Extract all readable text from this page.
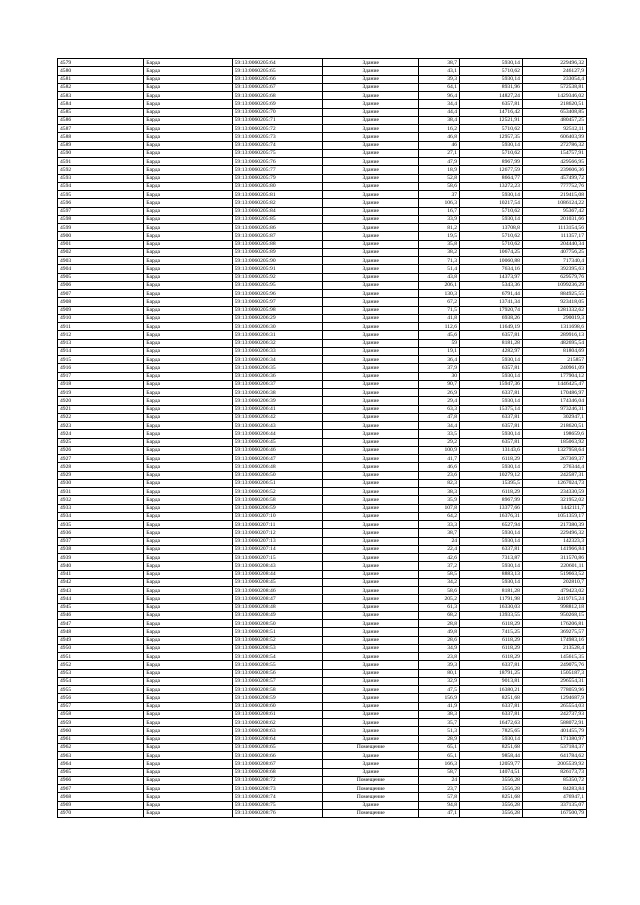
4579	Барда	59:13:0060205:64	Здание	38,7	5930,14	229496,32
4580	Барда	59:13:0060205:65	Здание	43,1	5710,62	246127,9
4581	Барда	59:13:0060205:66	Здание	39,3	5930,14	233054,4
4582	Барда	59:13:0060205:67	Здание	64,1	8931,96	572538,81
4583	Барда	59:13:0060205:68	Здание	96,4	14827,24	1429346,02
4584	Барда	59:13:0060205:69	Здание	34,4	6357,81	218620,51
4585	Барда	59:13:0060205:70	Здание	44,4	14716,42	653408,85
4586	Барда	59:13:0060205:71	Здание	38,4	12521,91	480457,25
4587	Барда	59:13:0060205:72	Здание	16,2	5710,62	92512,11
4588	Барда	59:13:0060205:73	Здание	46,8	12957,35	606403,99
4589	Барда	59:13:0060205:74	Здание	46	5930,14	272786,32
4590	Барда	59:13:0060205:75	Здание	27,1	5710,62	154757,91
4591	Барда	59:13:0060205:76	Здание	47,9	8967,99	429566,95
4592	Барда	59:13:0060205:77	Здание	18,9	12677,59	239606,36
4593	Барда	59:13:0060205:79	Здание	52,8	8664,77	457499,72
4594	Барда	59:13:0060205:80	Здание	58,6	13272,23	777752,76
4595	Барда	59:13:0060205:81	Здание	37	5930,14	219415,08
4596	Барда	59:13:0060205:82	Здание	106,3	10217,54	1086124,22
4597	Барда	59:13:0060205:84	Здание	16,7	5710,62	95367,42
4598	Барда	59:13:0060205:85	Здание	33,9	5930,14	201031,66
4599	Барда	59:13:0060205:86	Здание	81,2	13708,8	1113154,56
4900	Барда	59:13:0060205:87	Здание	19,5	5710,62	111357,17
4901	Барда	59:13:0060205:88	Здание	35,8	5710,62	204440,34
4902	Барда	59:13:0060205:89	Здание	38,2	10674,25	407756,25
4903	Барда	59:13:0060205:90	Здание	71,3	10060,88	717340,4
4904	Барда	59:13:0060205:91	Здание	51,4	7634,16	392395,63
4905	Барда	59:13:0060205:92	Здание	43,8	14373,97	629579,76
4906	Барда	59:13:0060205:95	Здание	206,1	5343,36	1099236,29
4907	Барда	59:13:0060205:96	Здание	130,3	6791,44	884925,55
4908	Барда	59:13:0060205:97	Здание	67,2	13741,34	923418,05
4909	Барда	59:13:0060205:98	Здание	71,5	17920,74	1281332,62
4910	Барда	59:13:0060206:29	Здание	41,8	6938,26	290019,3
4911	Барда	59:13:0060206:30	Здание	112,6	11649,19	1311698,6
4912	Барда	59:13:0060206:31	Здание	45,6	6357,81	289916,13
4913	Барда	59:13:0060206:32	Здание	59	8181,28	482695,54
4914	Барда	59:13:0060206:33	Здание	19,1	4282,97	81804,69
4915	Барда	59:13:0060206:34	Здание	36,4	5930,14	215857
4916	Барда	59:13:0060206:35	Здание	37,9	6357,81	240961,09
4917	Барда	59:13:0060206:36	Здание	30	5930,14	177904,12
4918	Барда	59:13:0060206:37	Здание	90,7	15947,36	1446425,47
4919	Барда	59:13:0060206:38	Здание	26,9	6337,81	170486,97
4920	Барда	59:13:0060206:39	Здание	29,4	5930,14	174346,04
4921	Барда	59:13:0060206:41	Здание	63,3	15375,14	973246,31
4922	Барда	59:13:0060206:42	Здание	47,8	6337,81	302947,1
4923	Барда	59:13:0060206:43	Здание	34,4	6357,81	218620,51
4924	Барда	59:13:0060206:44	Здание	33,5	5930,14	198659,6
4925	Барда	59:13:0060206:45	Здание	29,2	6357,81	185063,92
4926	Барда	59:13:0060206:46	Здание	100,9	13143,6	1327958,64
4927	Барда	59:13:0060206:47	Здание	41,7	6118,29	267369,37
4928	Барда	59:13:0060206:48	Здание	46,6	5930,14	276344,4
4929	Барда	59:13:0060206:50	Здание	23,6	10279,12	242587,31
4930	Барда	59:13:0060206:51	Здание	82,3	15395,5	1267024,73
4931	Барда	59:13:0060206:52	Здание	38,3	6118,29	234330,59
4932	Барда	59:13:0060206:58	Здание	35,9	8967,99	321952,02
4933	Барда	59:13:0060206:59	Здание	107,8	13377,66	1442111,7
4934	Барда	59:13:0060207:10	Здание	64,2	16376,31	1051359,17
4935	Барда	59:13:0060207:11	Здание	33,3	6527,94	217380,39
4936	Барда	59:13:0060207:12	Здание	38,7	5930,14	229496,32
4937	Барда	59:13:0060207:13	Здание	24	5930,14	142323,3
4938	Барда	59:13:0060207:14	Здание	22,4	6337,81	141966,84
4939	Барда	59:13:0060207:15	Здание	42,6	7313,87	311570,86
4940	Барда	59:13:0060208:43	Здание	37,2	5930,14	220601,11
4941	Барда	59:13:0060208:44	Здание	58,5	8883,13	519663,52
4942	Барда	59:13:0060208:45	Здание	34,2	5930,14	202810,7
4943	Барда	59:13:0060208:46	Здание	58,6	8181,28	479423,02
4944	Барда	59:13:0060208:47	Здание	205,2	11791,98	2419715,24
4945	Барда	59:13:0060208:48	Здание	61,3	16330,03	998812,18
4946	Барда	59:13:0060208:49	Здание	68,2	13933,55	950268,15
4947	Барда	59:13:0060208:50	Здание	28,8	6118,29	176206,81
4948	Барда	59:13:0060208:51	Здание	49,8	7415,25	369275,57
4949	Барда	59:13:0060208:52	Здание	28,6	6118,29	174983,16
4950	Барда	59:13:0060208:53	Здание	34,9	6118,29	213528,4
4951	Барда	59:13:0060208:54	Здание	23,8	6118,29	145615,35
4952	Барда	59:13:0060208:55	Здание	39,3	6337,81	249075,76
4953	Барда	59:13:0060208:56	Здание	80,1	18791,25	1505187,3
4954	Барда	59:13:0060208:57	Здание	32,9	9013,81	296554,31
4955	Барда	59:13:0060208:58	Здание	47,5	16380,21	778059,96
4956	Барда	59:13:0060208:59	Здание	156,9	8251,68	1294687,9
4957	Барда	59:13:0060208:60	Здание	41,9	6337,81	265554,03
4958	Барда	59:13:0060208:61	Здание	38,3	6337,81	242737,93
4959	Барда	59:13:0060208:62	Здание	35,7	16472,63	588072,91
4960	Барда	59:13:0060208:63	Здание	51,3	7825,65	401455,79
4961	Барда	59:13:0060208:64	Здание	28,9	5930,14	171380,97
4962	Барда	59:13:0060208:65	Помещение	65,1	8251,68	537184,37
4963	Барда	59:13:0060208:66	Здание	65,1	9858,44	641784,62
4964	Барда	59:13:0060208:67	Здание	166,3	12059,77	2005539,92
4965	Барда	59:13:0060208:68	Здание	58,7	14074,51	826173,73
4966	Барда	59:13:0060208:72	Помещение	24	3556,28	85350,72
4967	Барда	59:13:0060208:73	Помещение	23,7	3556,28	84283,84
4968	Барда	59:13:0060208:74	Помещение	57,8	8251,68	476947,1
4969	Барда	59:13:0060208:75	Здание	94,8	3556,28	337135,07
4970	Барда	59:13:0060208:76	Помещение	47,1	3556,28	167500,79
